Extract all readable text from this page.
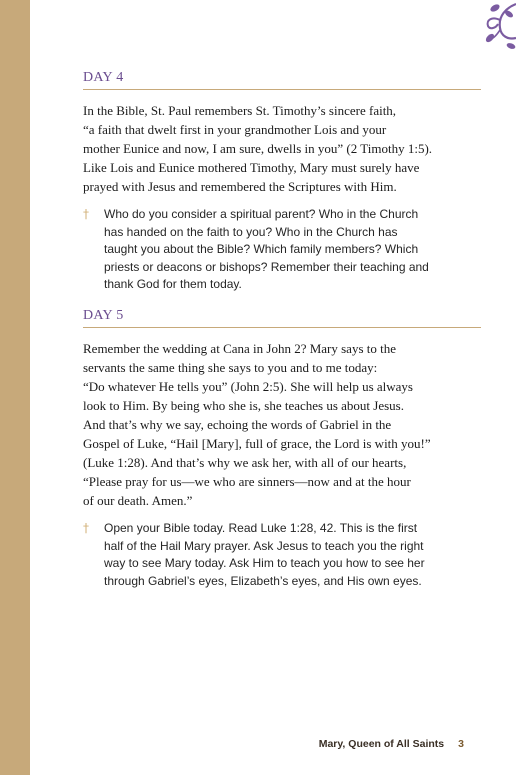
DAY 4

In the Bible, St. Paul remembers St. Timothy’s sincere faith,
“a faith that dwelt first in your grandmother Lois and your
mother Eunice and now, I am sure, dwells in you” (2 Timothy 1:5).
Like Lois and Eunice mothered Timothy, Mary must surely have
prayed with Jesus and remembered the Scriptures with Him.

† Who do you consider a spiritual parent? Who in the Church
has handed on the faith to you? Who in the Church has
taught you about the Bible? Which family members? Which
priests or deacons or bishops? Remember their teaching and
thank God for them today.

DAY 5

Remember the wedding at Cana in John 2? Mary says to the
servants the same thing she says to you and to me today:
“Do whatever He tells you” (John 2:5). She will help us always
look to Him. By being who she is, she teaches us about Jesus.
And that’s why we say, echoing the words of Gabriel in the
Gospel of Luke, “Hail [Mary], full of grace, the Lord is with you!”
(Luke 1:28). And that’s why we ask her, with all of our hearts,
“Please pray for us—we who are sinners—now and at the hour
of our death. Amen.”

† Open your Bible today. Read Luke 1:28, 42. This is the first
half of the Hail Mary prayer. Ask Jesus to teach you the right
way to see Mary today. Ask Him to teach you how to see her
through Gabriel’s eyes, Elizabeth’s eyes, and His own eyes.

Mary, Queen of All Saints 3
